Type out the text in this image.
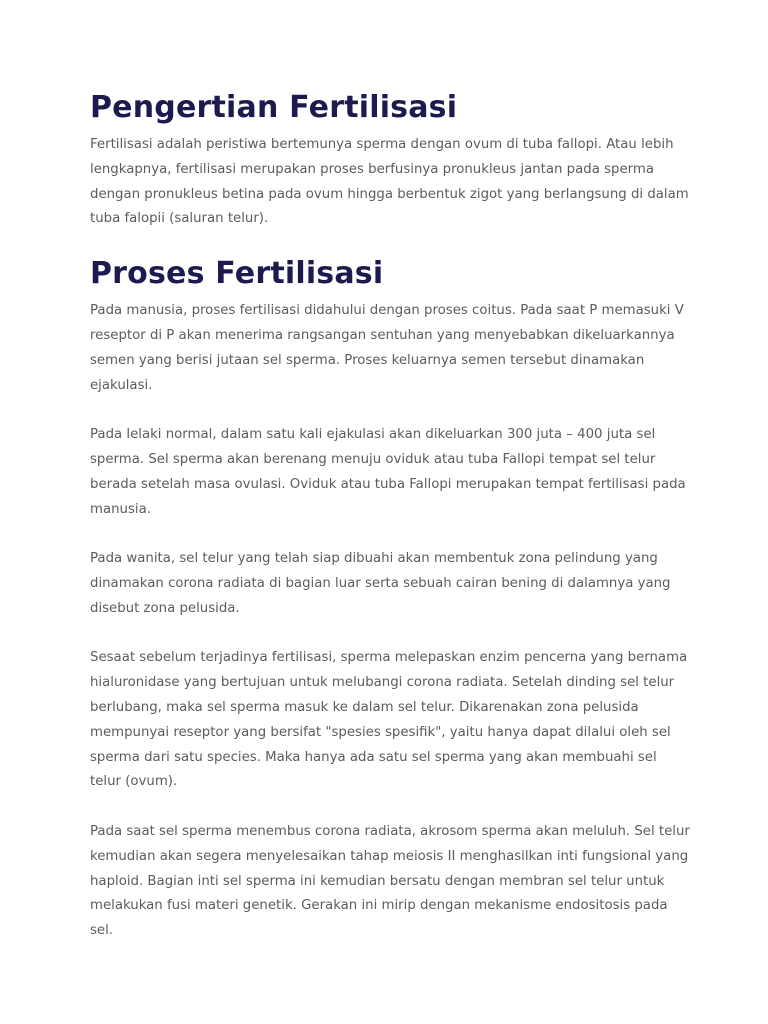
Pengertian Fertilisasi

Fertilisasi adalah peristiwa bertemunya sperma dengan ovum di tuba fallopi. Atau lebih lengkapnya, fertilisasi merupakan proses berfusinya pronukleus jantan pada sperma dengan pronukleus betina pada ovum hingga berbentuk zigot yang berlangsung di dalam tuba falopii (saluran telur).

Proses Fertilisasi

Pada manusia, proses fertilisasi didahului dengan proses coitus. Pada saat P memasuki V reseptor di P akan menerima rangsangan sentuhan yang menyebabkan dikeluarkannya semen yang berisi jutaan sel sperma. Proses keluarnya semen tersebut dinamakan ejakulasi.

Pada lelaki normal, dalam satu kali ejakulasi akan dikeluarkan 300 juta – 400 juta sel sperma. Sel sperma akan berenang menuju oviduk atau tuba Fallopi tempat sel telur berada setelah masa ovulasi. Oviduk atau tuba Fallopi merupakan tempat fertilisasi pada manusia.

Pada wanita, sel telur yang telah siap dibuahi akan membentuk zona pelindung yang dinamakan corona radiata di bagian luar serta sebuah cairan bening di dalamnya yang disebut zona pelusida.

Sesaat sebelum terjadinya fertilisasi, sperma melepaskan enzim pencerna yang bernama hialuronidase yang bertujuan untuk melubangi corona radiata. Setelah dinding sel telur berlubang, maka sel sperma masuk ke dalam sel telur. Dikarenakan zona pelusida mempunyai reseptor yang bersifat "spesies spesifik", yaitu hanya dapat dilalui oleh sel sperma dari satu species. Maka hanya ada satu sel sperma yang akan membuahi sel telur (ovum).

Pada saat sel sperma menembus corona radiata, akrosom sperma akan meluluh. Sel telur kemudian akan segera menyelesaikan tahap meiosis II menghasilkan inti fungsional yang haploid. Bagian inti sel sperma ini kemudian bersatu dengan membran sel telur untuk melakukan fusi materi genetik. Gerakan ini mirip dengan mekanisme endositosis pada sel.
